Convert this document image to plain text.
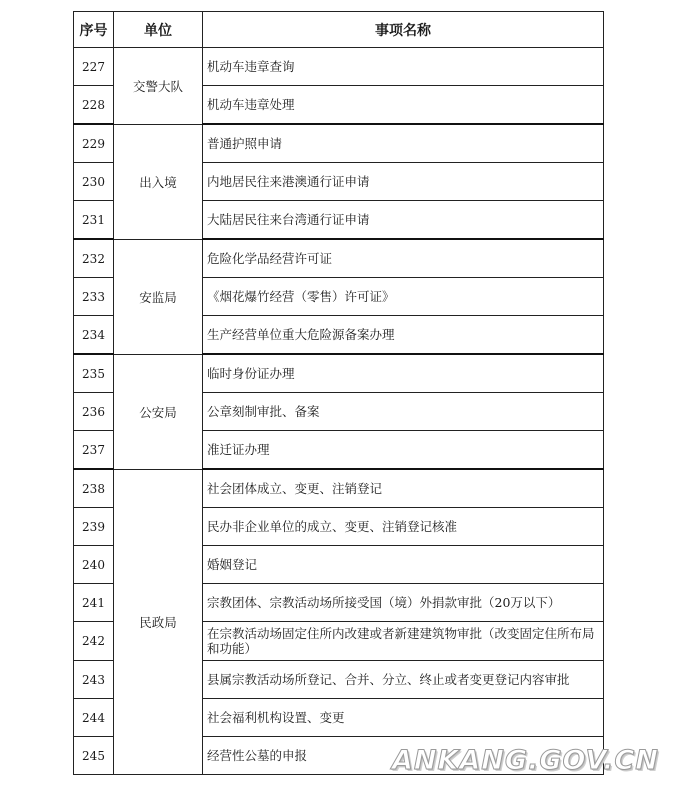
序号	单位	事项名称
227	交警大队	机动车违章查询
228		机动车违章处理
229	出入境	普通护照申请
230		内地居民往来港澳通行证申请
231		大陆居民往来台湾通行证申请
232	安监局	危险化学品经营许可证
233		《烟花爆竹经营（零售）许可证》
234		生产经营单位重大危险源备案办理
235	公安局	临时身份证办理
236		公章刻制审批、备案
237		准迁证办理
238	民政局	社会团体成立、变更、注销登记
239		民办非企业单位的成立、变更、注销登记核准
240		婚姻登记
241		宗教团体、宗教活动场所接受国（境）外捐款审批（20万以下）
242		在宗教活动场固定住所内改建或者新建建筑物审批（改变固定住所布局和功能）
243		县属宗教活动场所登记、合并、分立、终止或者变更登记内容审批
244		社会福利机构设置、变更
245		经营性公墓的申报	ANKANG.GOV.CN
